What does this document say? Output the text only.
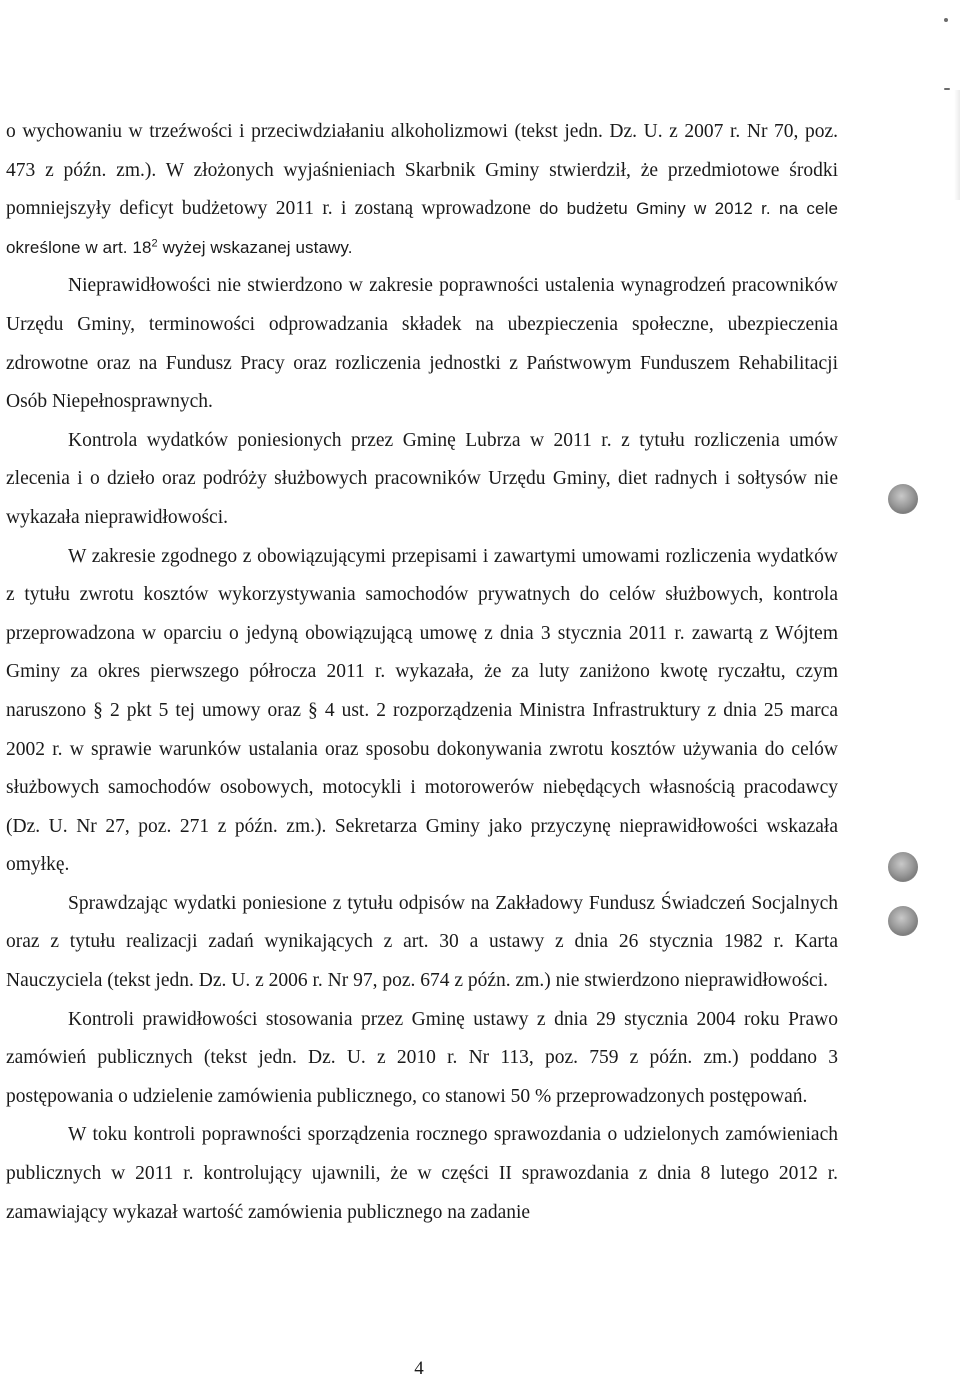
o wychowaniu w trzeźwości i przeciwdziałaniu alkoholizmowi (tekst jedn. Dz. U. z 2007 r. Nr 70, poz. 473 z późn. zm.). W złożonych wyjaśnieniach Skarbnik Gminy stwierdził, że przedmiotowe środki pomniejszyły deficyt budżetowy 2011 r. i zostaną wprowadzone do budżetu Gminy w 2012 r. na cele określone w art. $18^2$ wyżej wskazanej ustawy.

Nieprawidłowości nie stwierdzono w zakresie poprawności ustalenia wynagrodzeń pracowników Urzędu Gminy, terminowości odprowadzania składek na ubezpieczenia społeczne, ubezpieczenia zdrowotne oraz na Fundusz Pracy oraz rozliczenia jednostki z Państwowym Funduszem Rehabilitacji Osób Niepełnosprawnych.

Kontrola wydatków poniesionych przez Gminę Lubrza w 2011 r. z tytułu rozliczenia umów zlecenia i o dzieło oraz podróży służbowych pracowników Urzędu Gminy, diet radnych i sołtysów nie wykazała nieprawidłowości.

W zakresie zgodnego z obowiązującymi przepisami i zawartymi umowami rozliczenia wydatków z tytułu zwrotu kosztów wykorzystywania samochodów prywatnych do celów służbowych, kontrola przeprowadzona w oparciu o jedyną obowiązującą umowę z dnia 3 stycznia 2011 r. zawartą z Wójtem Gminy za okres pierwszego półrocza 2011 r. wykazała, że za luty zaniżono kwotę ryczałtu, czym naruszono § 2 pkt 5 tej umowy oraz § 4 ust. 2 rozporządzenia Ministra Infrastruktury z dnia 25 marca 2002 r. w sprawie warunków ustalania oraz sposobu dokonywania zwrotu kosztów używania do celów służbowych samochodów osobowych, motocykli i motorowerów niebędących własnością pracodawcy (Dz. U. Nr 27, poz. 271 z późn. zm.). Sekretarza Gminy jako przyczynę nieprawidłowości wskazała omyłkę.

Sprawdzając wydatki poniesione z tytułu odpisów na Zakładowy Fundusz Świadczeń Socjalnych oraz z tytułu realizacji zadań wynikających z art. 30 a ustawy z dnia 26 stycznia 1982 r. Karta Nauczyciela (tekst jedn. Dz. U. z 2006 r. Nr 97, poz. 674 z późn. zm.) nie stwierdzono nieprawidłowości.

Kontroli prawidłowości stosowania przez Gminę ustawy z dnia 29 stycznia 2004 roku Prawo zamówień publicznych (tekst jedn. Dz. U. z 2010 r. Nr 113, poz. 759 z późn. zm.) poddano 3 postępowania o udzielenie zamówienia publicznego, co stanowi 50 % przeprowadzonych postępowań.

W toku kontroli poprawności sporządzenia rocznego sprawozdania o udzielonych zamówieniach publicznych w 2011 r. kontrolujący ujawnili, że w części II sprawozdania z dnia 8 lutego 2012 r. zamawiający wykazał wartość zamówienia publicznego na zadanie

4
